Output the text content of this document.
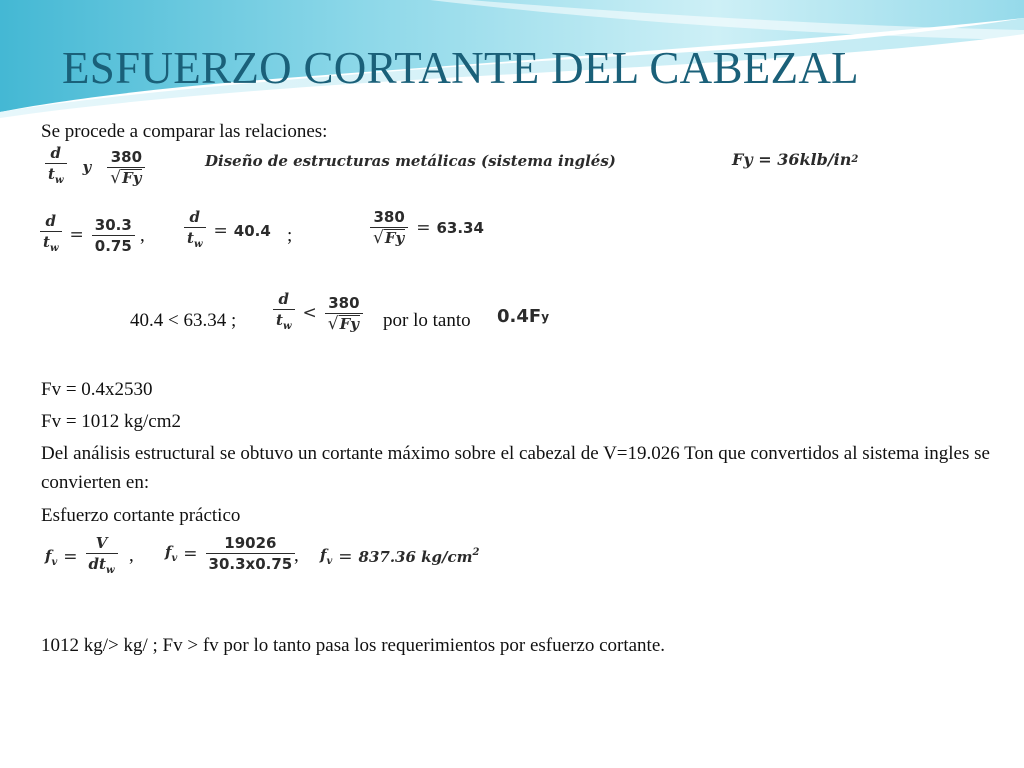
ESFUERZO CORTANTE DEL CABEZAL
Se procede a comparar las relaciones:
$\frac{d}{t_w}$ y $\frac{380}{√ Fy}$	Diseño de estructuras metálicas (sistema inglés)	Fy = 36klb/in 2
$\frac{d}{t_w} = \frac{30.3}{0.75}$ ,	$\frac{d}{t_w} = 40.4$ ;	$\frac{380}{√ Fy} = 63.34$
40.4 < 63.34 ; $\frac{d}{t_w} < \frac{380}{√ Fy}$ por lo tanto 0.4F y
Fv = 0.4x2530
Fv = 1012 kg/cm2
Del análisis estructural se obtuvo un cortante máximo sobre el cabezal de V=19.026 Ton que convertidos al sistema ingles se convierten en:
Esfuerzo cortante práctico
$f_v = \frac{V}{dt_w}$ , $f_v = \frac{19026}{30.3x0.75}$
, $f_v = 837.36$ $kg/cm^2$
1012 kg/> kg/ ; Fv > fv por lo tanto pasa los requerimientos por esfuerzo cortante.
